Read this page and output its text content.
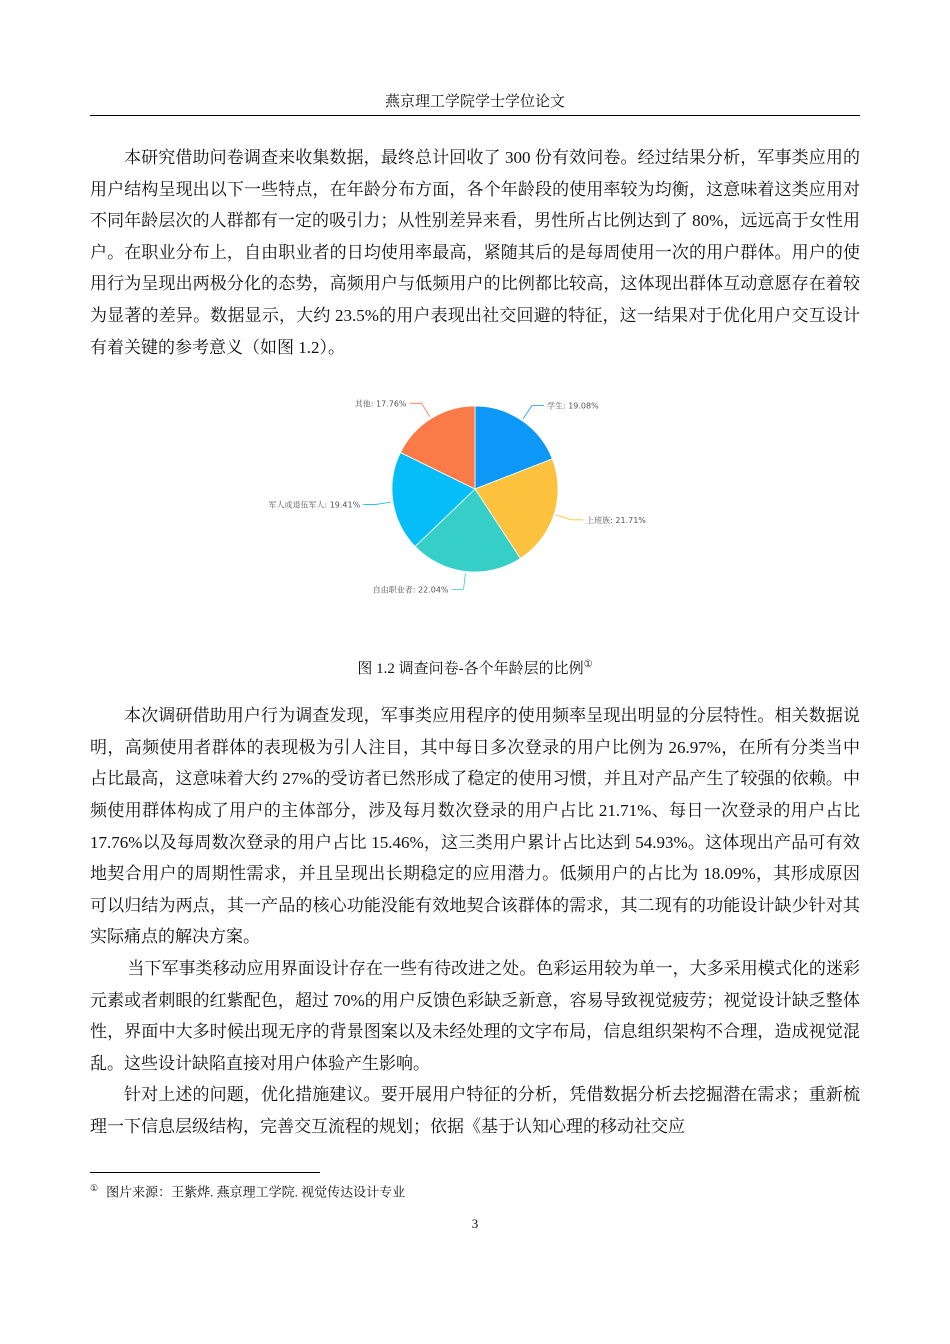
燕京理工学院学士学位论文

本研究借助问卷调查来收集数据，最终总计回收了 300 份有效问卷。经过结果分析，军事类应用的用户结构呈现出以下一些特点，在年龄分布方面，各个年龄段的使用率较为均衡，这意味着这类应用对不同年龄层次的人群都有一定的吸引力；从性别差异来看，男性所占比例达到了 80%，远远高于女性用户。在职业分布上，自由职业者的日均使用率最高，紧随其后的是每周使用一次的用户群体。用户的使用行为呈现出两极分化的态势，高频用户与低频用户的比例都比较高，这体现出群体互动意愿存在着较为显著的差异。数据显示，大约 23.5%的用户表现出社交回避的特征，这一结果对于优化用户交互设计有着关键的参考意义（如图 1.2）。

学生: 19.08%
上班族: 21.71%
自由职业者: 22.04%
军人或退伍军人: 19.41%
其他: 17.76%
图 1.2 调查问卷-各个年龄层的比例①

本次调研借助用户行为调查发现，军事类应用程序的使用频率呈现出明显的分层特性。相关数据说明，高频使用者群体的表现极为引人注目，其中每日多次登录的用户比例为 26.97%，在所有分类当中占比最高，这意味着大约 27%的受访者已然形成了稳定的使用习惯，并且对产品产生了较强的依赖。中频使用群体构成了用户的主体部分，涉及每月数次登录的用户占比 21.71%、每日一次登录的用户占比 17.76%以及每周数次登录的用户占比 15.46%，这三类用户累计占比达到 54.93%。这体现出产品可有效地契合用户的周期性需求，并且呈现出长期稳定的应用潜力。低频用户的占比为 18.09%，其形成原因可以归结为两点，其一产品的核心功能没能有效地契合该群体的需求，其二现有的功能设计缺少针对其实际痛点的解决方案。

当下军事类移动应用界面设计存在一些有待改进之处。色彩运用较为单一，大多采用模式化的迷彩元素或者刺眼的红紫配色，超过 70%的用户反馈色彩缺乏新意，容易导致视觉疲劳；视觉设计缺乏整体性，界面中大多时候出现无序的背景图案以及未经处理的文字布局，信息组织架构不合理，造成视觉混乱。这些设计缺陷直接对用户体验产生影响。

针对上述的问题，优化措施建议。要开展用户特征的分析，凭借数据分析去挖掘潜在需求；重新梳理一下信息层级结构，完善交互流程的规划；依据《基于认知心理的移动社交应

① 图片来源：王紫烨. 燕京理工学院. 视觉传达设计专业
3
